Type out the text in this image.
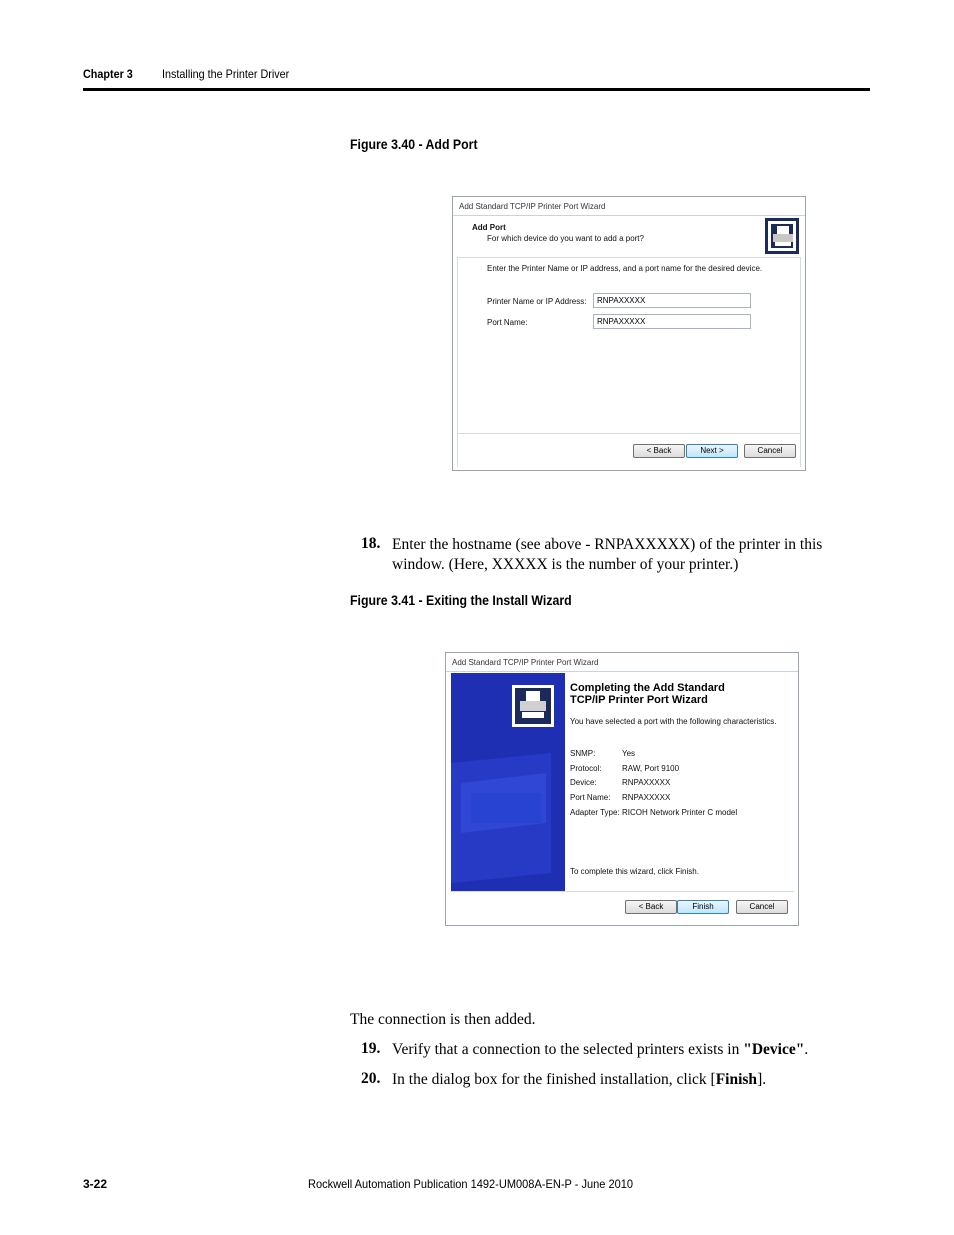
Chapter 3 Installing the Printer Driver
Figure 3.40 - Add Port
Add Standard TCP/IP Printer Port Wizard
Add Port
For which device do you want to add a port?
Enter the Printer Name or IP address, and a port name for the desired device.
Printer Name or IP Address:	RNPAXXXXX
Port Name:	RNPAXXXXX
< Back	Next >	Cancel
18. Enter the hostname (see above - RNPAXXXXX) of the printer in this
window. (Here, XXXXX is the number of your printer.)
Figure 3.41 - Exiting the Install Wizard
Add Standard TCP/IP Printer Port Wizard
Completing the Add Standard
TCP/IP Printer Port Wizard
You have selected a port with the following characteristics.
SNMP:	Yes
Protocol:	RAW, Port 9100
Device:	RNPAXXXXX
Port Name: RNPAXXXXX
Adapter Type: RICOH Network Printer C model
To complete this wizard, click Finish.
< Back	Finish	Cancel
The connection is then added.
19. Verify that a connection to the selected printers exists in "Device".
20. In the dialog box for the finished installation, click [Finish].
3-22	Rockwell Automation Publication 1492-UM008A-EN-P - June 2010
